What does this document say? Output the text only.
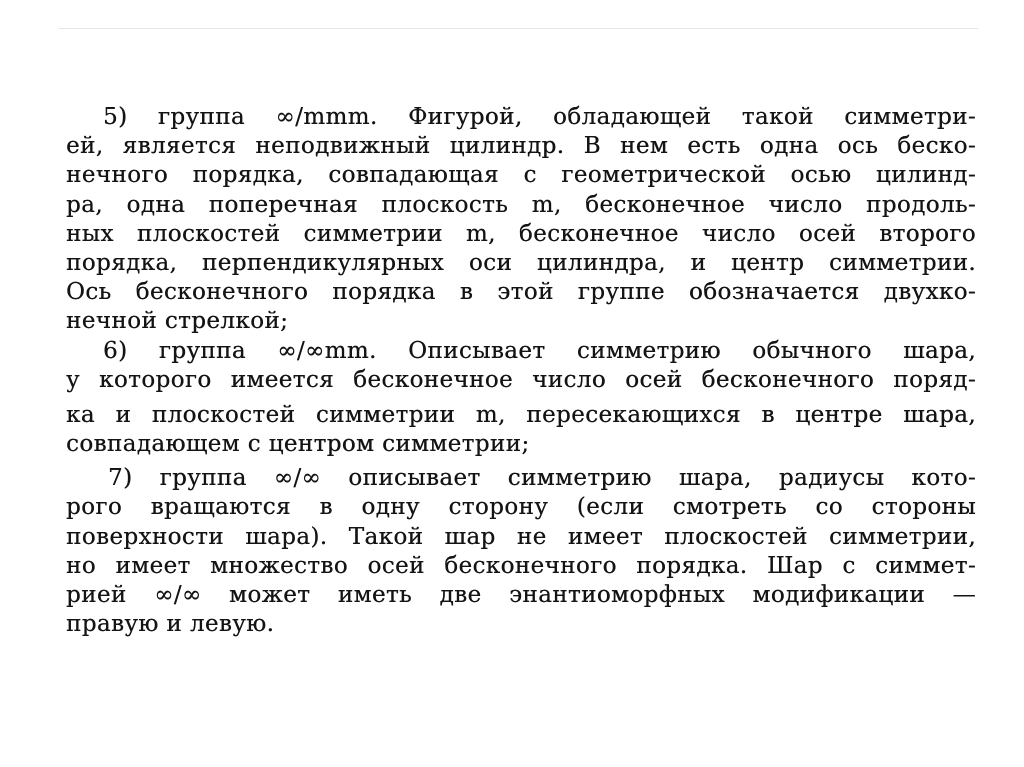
5) группа ∞/mmm. Фигурой, обладающей такой симметри-
ей, является неподвижный цилиндр. В нем есть одна ось беско-
нечного порядка, совпадающая с геометрической осью цилинд-
ра, одна поперечная плоскость m, бесконечное число продоль-
ных плоскостей симметрии m, бесконечное число осей второго
порядка, перпендикулярных оси цилиндра, и центр симметрии.
Ось бесконечного порядка в этой группе обозначается двухко-
нечной стрелкой;
6) группа ∞/∞mm. Описывает симметрию обычного шара,
у которого имеется бесконечное число осей бесконечного поряд-
ка и плоскостей симметрии m, пересекающихся в центре шара,
совпадающем с центром симметрии;
7) группа ∞/∞ описывает симметрию шара, радиусы кото-
рого вращаются в одну сторону (если смотреть со стороны
поверхности шара). Такой шар не имеет плоскостей симметрии,
но имеет множество осей бесконечного порядка. Шар с симмет-
рией ∞/∞ может иметь две энантиоморфных модификации —
правую и левую.
